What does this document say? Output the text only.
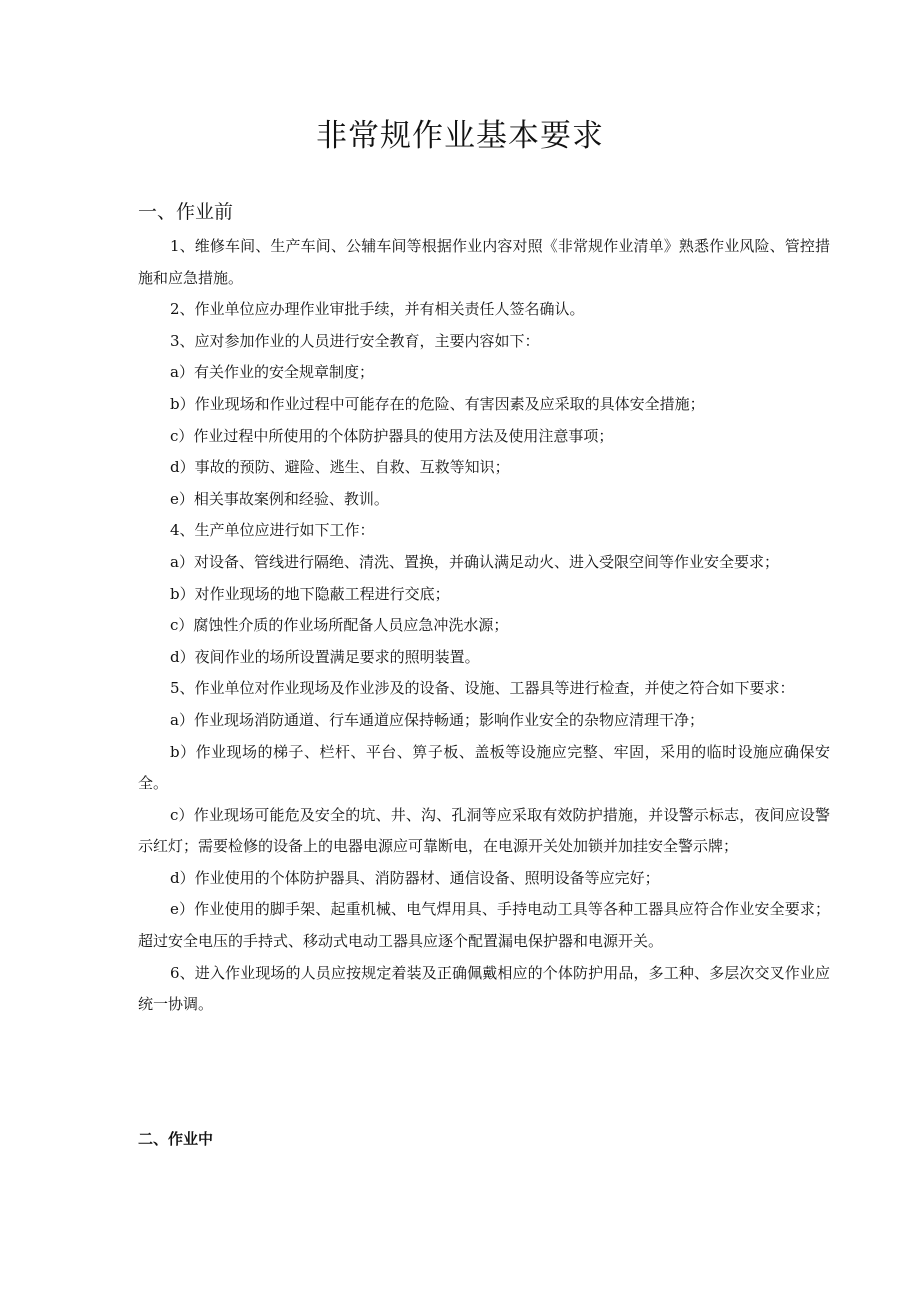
非常规作业基本要求
一、作业前

1、维修车间、生产车间、公辅车间等根据作业内容对照《非常规作业清单》熟悉作业风险、管控措施和应急措施。

2、作业单位应办理作业审批手续，并有相关责任人签名确认。

3、应对参加作业的人员进行安全教育，主要内容如下：

a）有关作业的安全规章制度；

b）作业现场和作业过程中可能存在的危险、有害因素及应采取的具体安全措施；

c）作业过程中所使用的个体防护器具的使用方法及使用注意事项；

d）事故的预防、避险、逃生、自救、互救等知识；

e）相关事故案例和经验、教训。

4、生产单位应进行如下工作：

a）对设备、管线进行隔绝、清洗、置换，并确认满足动火、进入受限空间等作业安全要求；

b）对作业现场的地下隐蔽工程进行交底；

c）腐蚀性介质的作业场所配备人员应急冲洗水源；

d）夜间作业的场所设置满足要求的照明装置。

5、作业单位对作业现场及作业涉及的设备、设施、工器具等进行检查，并使之符合如下要求：

a）作业现场消防通道、行车通道应保持畅通；影响作业安全的杂物应清理干净；

b）作业现场的梯子、栏杆、平台、箅子板、盖板等设施应完整、牢固，采用的临时设施应确保安全。

c）作业现场可能危及安全的坑、井、沟、孔洞等应采取有效防护措施，并设警示标志，夜间应设警示红灯；需要检修的设备上的电器电源应可靠断电，在电源开关处加锁并加挂安全警示牌；

d）作业使用的个体防护器具、消防器材、通信设备、照明设备等应完好；

e）作业使用的脚手架、起重机械、电气焊用具、手持电动工具等各种工器具应符合作业安全要求；超过安全电压的手持式、移动式电动工器具应逐个配置漏电保护器和电源开关。

6、进入作业现场的人员应按规定着装及正确佩戴相应的个体防护用品，多工种、多层次交叉作业应统一协调。

二、作业中
